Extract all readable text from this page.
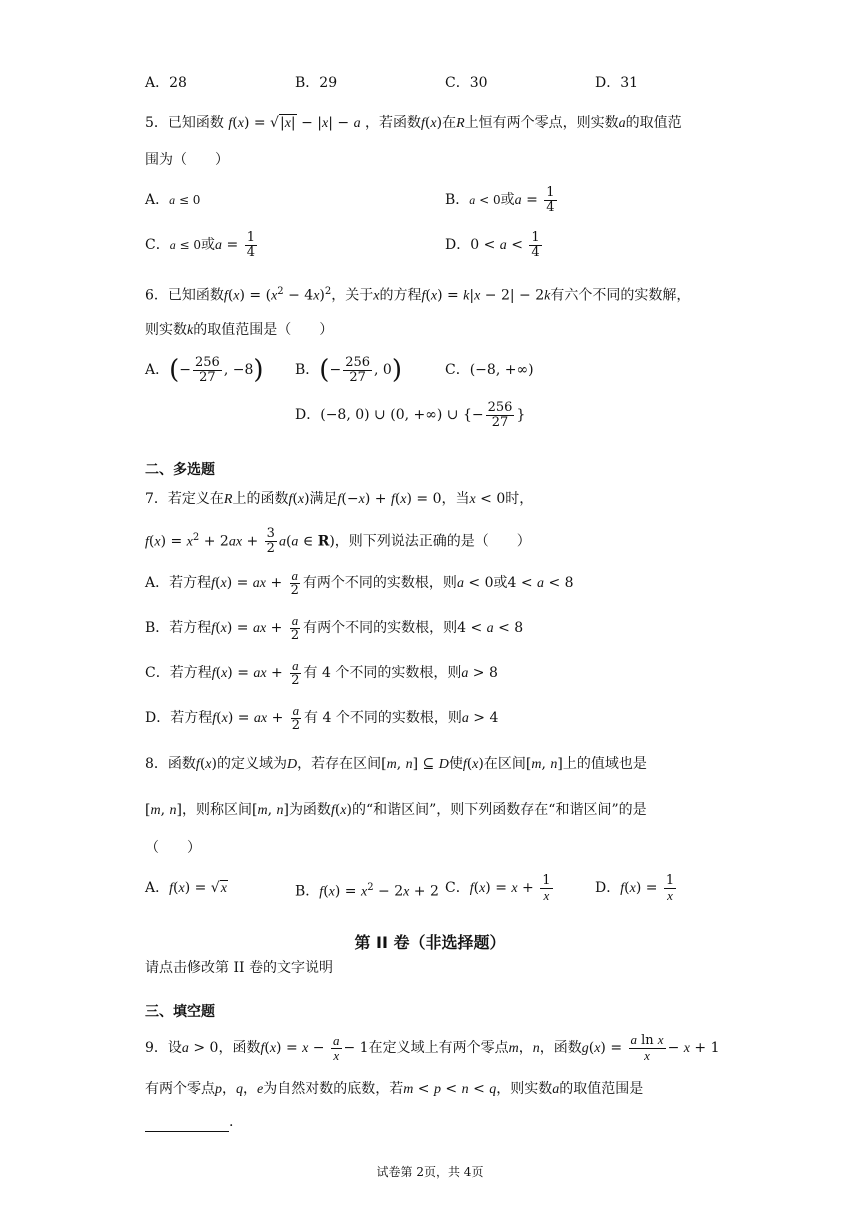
A．28	B．29	C．30	D．31
5．已知函数 f(x) = √|x| − |x| − a ，若函数f(x)在R上恒有两个零点，则实数a的取值范
围为（　　）
A．a ≤ 0	B．a < 0或$a = \frac{1}{4}$
C．a ≤ 0或$a = \frac{1}{4}$	D．$0 < a < \frac{1}{4}$
6．已知函数$f(x) = (x^2 - 4x)^2$，关于x的方程f(x) = k|x − 2| − 2k有六个不同的实数解，
则实数k的取值范围是（　　）
A．(− $\frac{256}{27}$ , −8) B．(− $\frac{256}{27}$ , 0)	C．(−8, +∞)
D．(−8, 0) ∪ (0, +∞) ∪ {− $\frac{256}{27}$ }
二、多选题
7．若定义在R上的函数f(x)满足f(−x) + f(x) = 0，当x < 0时，
$f(x) = x^2 + 2ax + \frac{3}{2} a(a$ ∈ R)，则下列说法正确的是（　　）
A．若方程f(x) = ax + $\frac{a}{2}$ 有两个不同的实数根，则a < 0或4 < a < 8
B．若方程f(x) = ax + $\frac{a}{2}$ 有两个不同的实数根，则4 < a < 8
C．若方程f(x) = ax + $\frac{a}{2}$ 有 4 个不同的实数根，则a > 8
D．若方程f(x) = ax + $\frac{a}{2}$ 有 4 个不同的实数根，则a > 4
8．函数f(x)的定义域为D，若存在区间[m, n] ⊆ D使f(x)在区间[m, n]上的值域也是
[m, n]，则称区间[m, n]为函数f(x)的“和谐区间”，则下列函数存在“和谐区间”的是
（　　）
A．f(x) = √x	B．$f(x) = x^2 - 2x + 2$ C．$f(x) = x + \frac{1}{x}$	D．$f(x) = \frac{1}{x}$
第 II 卷（非选择题）
请点击修改第 II 卷的文字说明
三、填空题
9．设a > 0，函数$f(x) = x - \frac{a}{x} - 1$在定义域上有两个零点m，n，函数$g(x) = \frac{\text{a ln x}}{x} - x + 1$
有两个零点p，q，e为自然对数的底数，若m < p < n < q，则实数a的取值范围是
.
试卷第 2页，共 4页
